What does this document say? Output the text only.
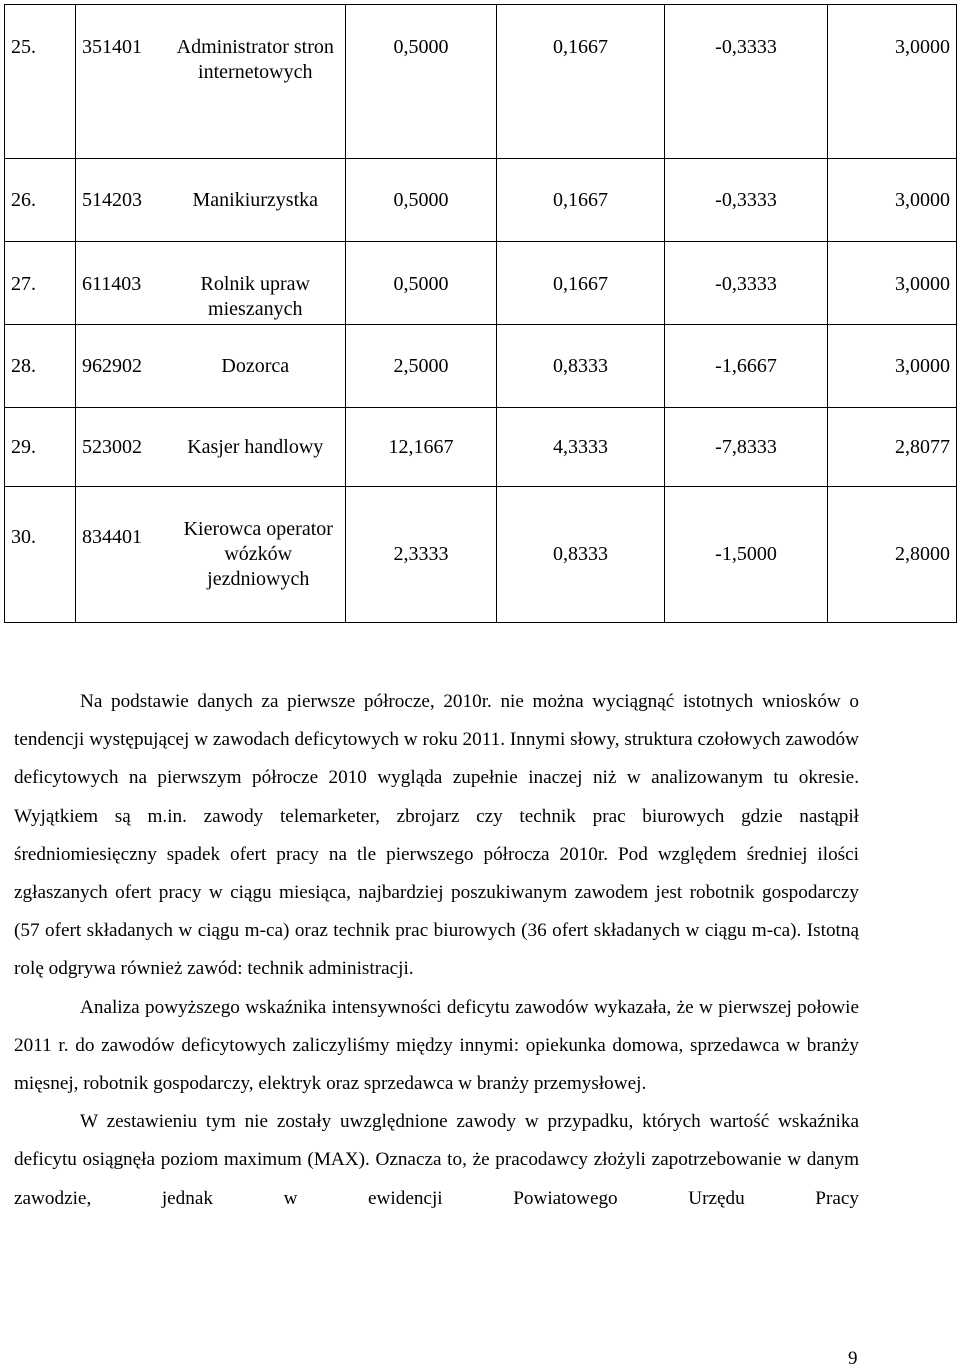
25.	351401	Administrator stron internetowych	0,5000	0,1667	-0,3333	3,0000
26.	514203	Manikiurzystka	0,5000	0,1667	-0,3333	3,0000
27.	611403	Rolnik upraw mieszanych	0,5000	0,1667	-0,3333	3,0000
28.	962902	Dozorca	2,5000	0,8333	-1,6667	3,0000
29.	523002	Kasjer handlowy	12,1667	4,3333	-7,8333	2,8077
30.	834401	Kierowca operator wózków jezdniowych	2,3333	0,8333	-1,5000	2,8000

Na podstawie danych za pierwsze półrocze, 2010r. nie można wyciągnąć istotnych wniosków o tendencji występującej w zawodach deficytowych w roku 2011. Innymi słowy, struktura czołowych zawodów deficytowych na pierwszym półrocze 2010 wygląda zupełnie inaczej niż w analizowanym tu okresie. Wyjątkiem są m.in. zawody telemarketer, zbrojarz czy technik prac biurowych gdzie nastąpił średniomiesięczny spadek ofert pracy na tle pierwszego półrocza 2010r. Pod względem średniej ilości zgłaszanych ofert pracy w ciągu miesiąca, najbardziej poszukiwanym zawodem jest robotnik gospodarczy (57 ofert składanych w ciągu m-ca) oraz technik prac biurowych (36 ofert składanych w ciągu m-ca). Istotną rolę odgrywa również zawód: technik administracji.

Analiza powyższego wskaźnika intensywności deficytu zawodów wykazała, że w pierwszej połowie 2011 r. do zawodów deficytowych zaliczyliśmy między innymi: opiekunka domowa, sprzedawca w branży mięsnej, robotnik gospodarczy, elektryk oraz sprzedawca w branży przemysłowej.

W zestawieniu tym nie zostały uwzględnione zawody w przypadku, których wartość wskaźnika deficytu osiągnęła poziom maximum (MAX). Oznacza to, że pracodawcy złożyli zapotrzebowanie w danym zawodzie, jednak w ewidencji Powiatowego Urzędu Pracy

9
